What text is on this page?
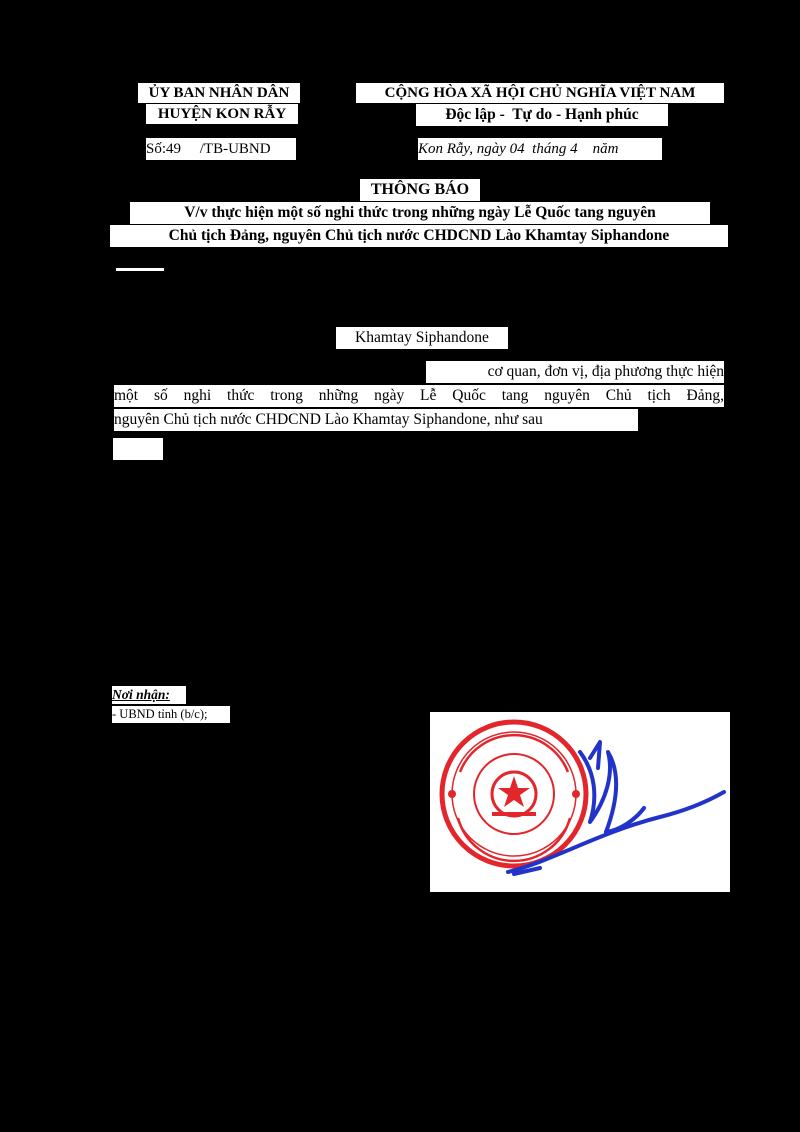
ỦY BAN NHÂN DÂN
HUYỆN KON RẪY
Số:49     /TB-UBND
CỘNG HÒA XÃ HỘI CHỦ NGHĨA VIỆT NAM
Độc lập -  Tự do - Hạnh phúc
Kon Rẫy, ngày 04  tháng 4    năm
THÔNG BÁO
V/v thực hiện một số nghi thức trong những ngày Lễ Quốc tang nguyên
Chủ tịch Đảng, nguyên Chủ tịch nước CHDCND Lào Khamtay Siphandone
Khamtay Siphandone
cơ quan, đơn vị, địa phương thực hiện
một số nghi thức trong những ngày Lễ Quốc tang nguyên Chủ tịch Đảng,
nguyên Chủ tịch nước CHDCND Lào Khamtay Siphandone, như sau
Nơi nhận:
- UBND tỉnh (b/c);
